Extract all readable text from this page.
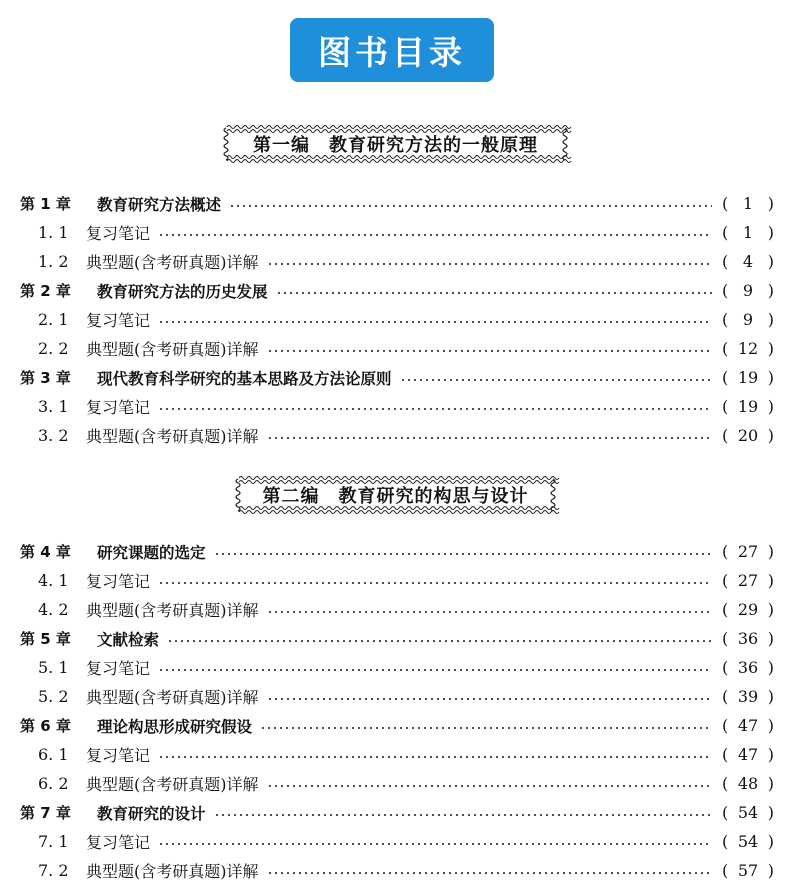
图书目录
第一编　教育研究方法的一般原理
第 1 章 教育研究方法概述	( 1 )
1. 1 复习笔记	( 1 )
1. 2 典型题(含考研真题)详解	( 4 )
第 2 章 教育研究方法的历史发展	( 9 )
2. 1 复习笔记	( 9 )
2. 2 典型题(含考研真题)详解	( 12 )
第 3 章 现代教育科学研究的基本思路及方法论原则	( 19 )
3. 1 复习笔记	( 19 )
3. 2 典型题(含考研真题)详解	( 20 )
第二编　教育研究的构思与设计
第 4 章 研究课题的选定	( 27 )
4. 1 复习笔记	( 27 )
4. 2 典型题(含考研真题)详解	( 29 )
第 5 章 文献检索	( 36 )
5. 1 复习笔记	( 36 )
5. 2 典型题(含考研真题)详解	( 39 )
第 6 章 理论构思形成研究假设	( 47 )
6. 1 复习笔记	( 47 )
6. 2 典型题(含考研真题)详解	( 48 )
第 7 章 教育研究的设计	( 54 )
7. 1 复习笔记	( 54 )
7. 2 典型题(含考研真题)详解	( 57 )
